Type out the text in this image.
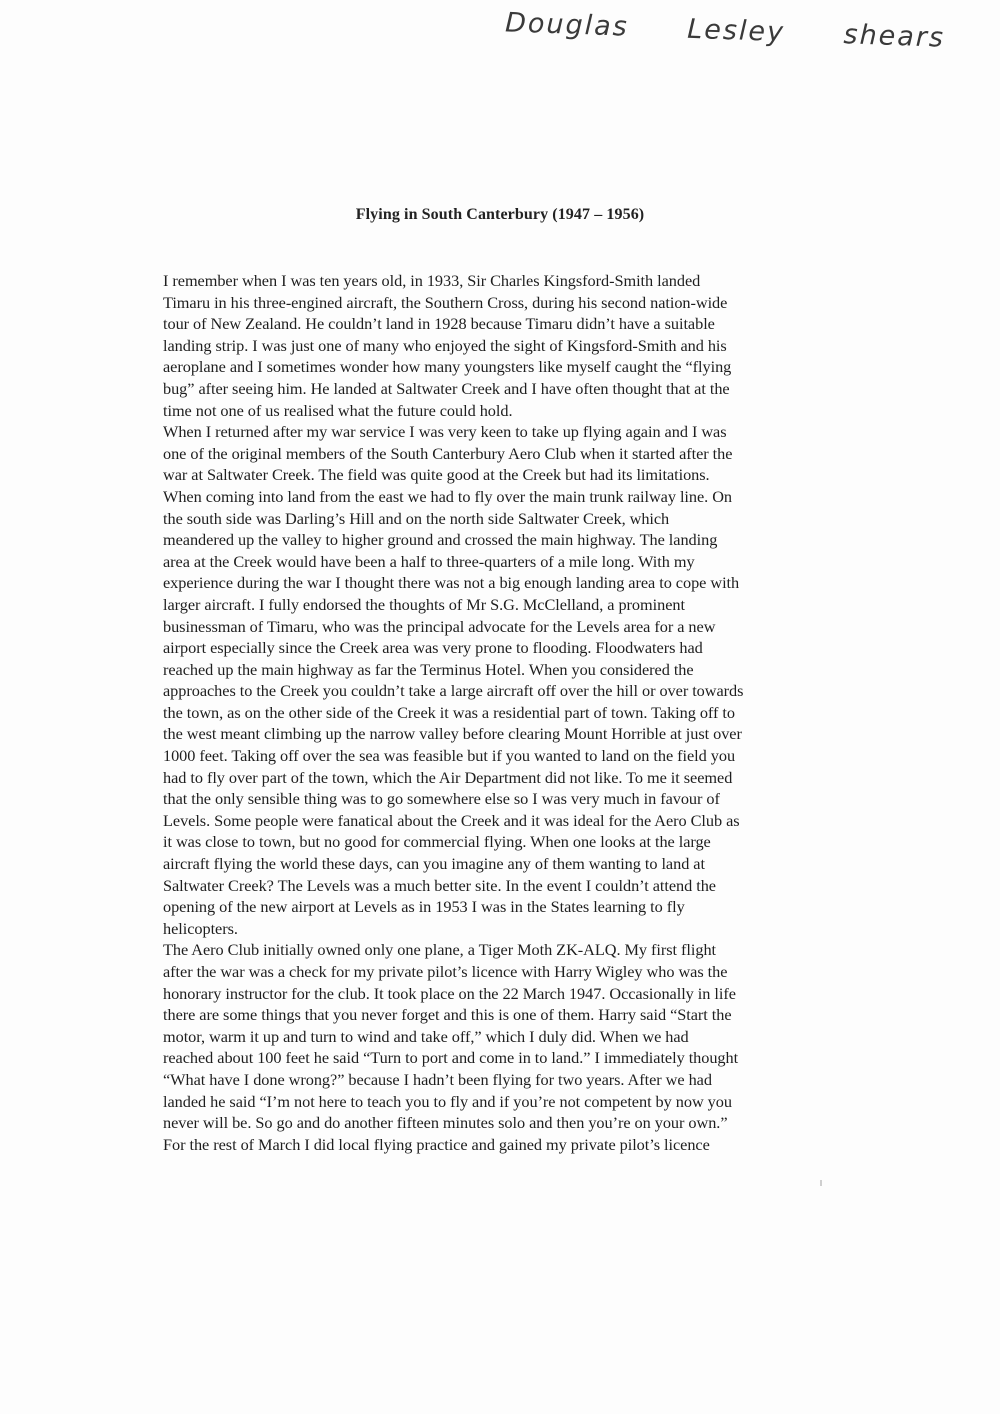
Douglas Lesley shears
Flying in South Canterbury (1947 – 1956)
I remember when I was ten years old, in 1933, Sir Charles Kingsford-Smith landed
Timaru in his three-engined aircraft, the Southern Cross, during his second nation-wide
tour of New Zealand. He couldn’t land in 1928 because Timaru didn’t have a suitable
landing strip. I was just one of many who enjoyed the sight of Kingsford-Smith and his
aeroplane and I sometimes wonder how many youngsters like myself caught the “flying
bug” after seeing him. He landed at Saltwater Creek and I have often thought that at the
time not one of us realised what the future could hold.
When I returned after my war service I was very keen to take up flying again and I was
one of the original members of the South Canterbury Aero Club when it started after the
war at Saltwater Creek. The field was quite good at the Creek but had its limitations.
When coming into land from the east we had to fly over the main trunk railway line. On
the south side was Darling’s Hill and on the north side Saltwater Creek, which
meandered up the valley to higher ground and crossed the main highway. The landing
area at the Creek would have been a half to three-quarters of a mile long. With my
experience during the war I thought there was not a big enough landing area to cope with
larger aircraft. I fully endorsed the thoughts of Mr S.G. McClelland, a prominent
businessman of Timaru, who was the principal advocate for the Levels area for a new
airport especially since the Creek area was very prone to flooding. Floodwaters had
reached up the main highway as far the Terminus Hotel. When you considered the
approaches to the Creek you couldn’t take a large aircraft off over the hill or over towards
the town, as on the other side of the Creek it was a residential part of town. Taking off to
the west meant climbing up the narrow valley before clearing Mount Horrible at just over
1000 feet. Taking off over the sea was feasible but if you wanted to land on the field you
had to fly over part of the town, which the Air Department did not like. To me it seemed
that the only sensible thing was to go somewhere else so I was very much in favour of
Levels. Some people were fanatical about the Creek and it was ideal for the Aero Club as
it was close to town, but no good for commercial flying. When one looks at the large
aircraft flying the world these days, can you imagine any of them wanting to land at
Saltwater Creek? The Levels was a much better site. In the event I couldn’t attend the
opening of the new airport at Levels as in 1953 I was in the States learning to fly
helicopters.
The Aero Club initially owned only one plane, a Tiger Moth ZK-ALQ. My first flight
after the war was a check for my private pilot’s licence with Harry Wigley who was the
honorary instructor for the club. It took place on the 22 March 1947. Occasionally in life
there are some things that you never forget and this is one of them. Harry said “Start the
motor, warm it up and turn to wind and take off,” which I duly did. When we had
reached about 100 feet he said “Turn to port and come in to land.” I immediately thought
“What have I done wrong?” because I hadn’t been flying for two years. After we had
landed he said “I’m not here to teach you to fly and if you’re not competent by now you
never will be. So go and do another fifteen minutes solo and then you’re on your own.”
For the rest of March I did local flying practice and gained my private pilot’s licence
